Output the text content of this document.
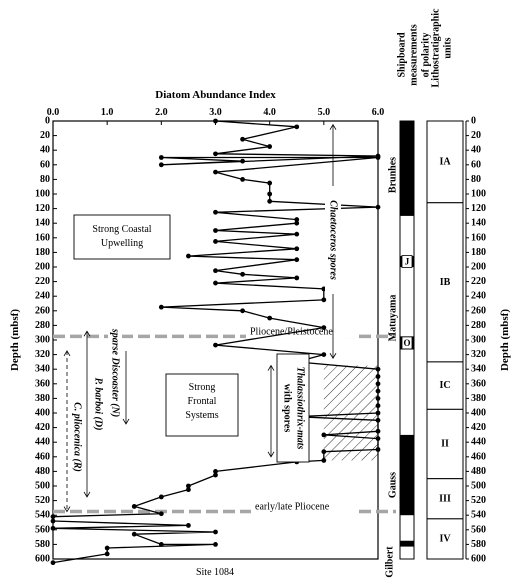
0.0	1.0	2.0	3.0	4.0	5.0	6.0
Diatom Abundance Index
0
20
40
60
80
100
120
140
160
180
200
220
240
260
280
300
320
340
360
380
400
420
440
460
480
500
520
540
560
580
600
Depth (mbsf)	Pliocene/Pleistocene
early/late Pliocene
Strong Coastal
Upwelling
Strong
Frontal
Systems
Chaetoceros spores
Thalassiothrix-mats
with spores
sparse Discoaster (N)
P. barboi (D)
C. pliocenica (R)
J
O
Brunhes
Matuyama
Gauss
Gilbert
Shipboard measurements of polarity
IA
IB
IC
II
III
IV
Lithostratigraphic units
0
20
40
60
80
100
120
140
160
180
200
220
240
260
280
300
320
340
360
380
400
420
440
460
480
500
520
540
560
580
600
Depth (mbsf)
Site 1084
